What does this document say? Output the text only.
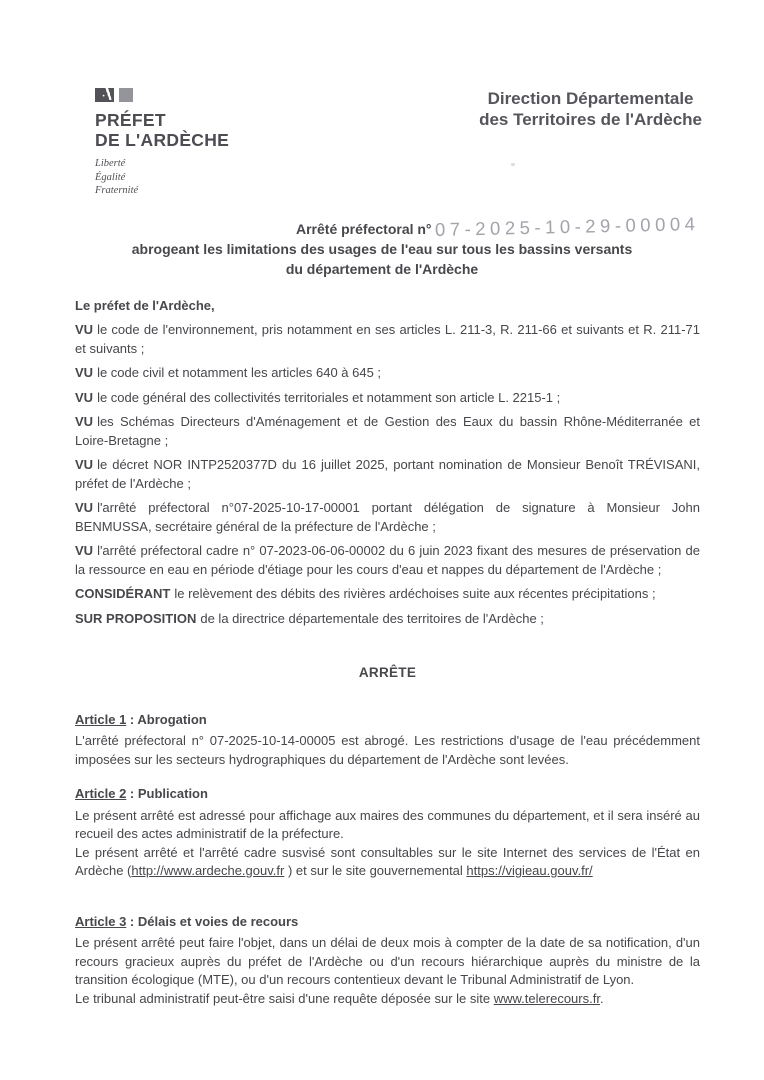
PRÉFET
DE L'ARDÈCHE
Liberté
Égalité
Fraternité
Direction Départementale
des Territoires de l'Ardèche
Arrêté préfectoral n° 07-2025-10-29-00004
abrogeant les limitations des usages de l'eau sur tous les bassins versants
du département de l'Ardèche
Le préfet de l'Ardèche,

VU le code de l'environnement, pris notamment en ses articles L. 211-3, R. 211-66 et suivants et R. 211-71 et suivants ;

VU le code civil et notamment les articles 640 à 645 ;

VU le code général des collectivités territoriales et notamment son article L. 2215-1 ;

VU les Schémas Directeurs d'Aménagement et de Gestion des Eaux du bassin Rhône-Méditerranée et Loire-Bretagne ;

VU le décret NOR INTP2520377D du 16 juillet 2025, portant nomination de Monsieur Benoît TRÉVISANI, préfet de l'Ardèche ;

VU l'arrêté préfectoral n°07-2025-10-17-00001 portant délégation de signature à Monsieur John BENMUSSA, secrétaire général de la préfecture de l'Ardèche ;

VU l'arrêté préfectoral cadre n° 07-2023-06-06-00002 du 6 juin 2023 fixant des mesures de préservation de la ressource en eau en période d'étiage pour les cours d'eau et nappes du département de l'Ardèche ;

CONSIDÉRANT le relèvement des débits des rivières ardéchoises suite aux récentes précipitations ;

SUR PROPOSITION de la directrice départementale des territoires de l'Ardèche ;

ARRÊTE
Article 1 : Abrogation

L'arrêté préfectoral n° 07-2025-10-14-00005 est abrogé. Les restrictions d'usage de l'eau précédemment imposées sur les secteurs hydrographiques du département de l'Ardèche sont levées.

Article 2 : Publication

Le présent arrêté est adressé pour affichage aux maires des communes du département, et il sera inséré au recueil des actes administratif de la préfecture.

Le présent arrêté et l'arrêté cadre susvisé sont consultables sur le site Internet des services de l'État en Ardèche (http://www.ardeche.gouv.fr ) et sur le site gouvernemental https://vigieau.gouv.fr/

Article 3 : Délais et voies de recours

Le présent arrêté peut faire l'objet, dans un délai de deux mois à compter de la date de sa notification, d'un recours gracieux auprès du préfet de l'Ardèche ou d'un recours hiérarchique auprès du ministre de la transition écologique (MTE), ou d'un recours contentieux devant le Tribunal Administratif de Lyon.

Le tribunal administratif peut-être saisi d'une requête déposée sur le site www.telerecours.fr.
